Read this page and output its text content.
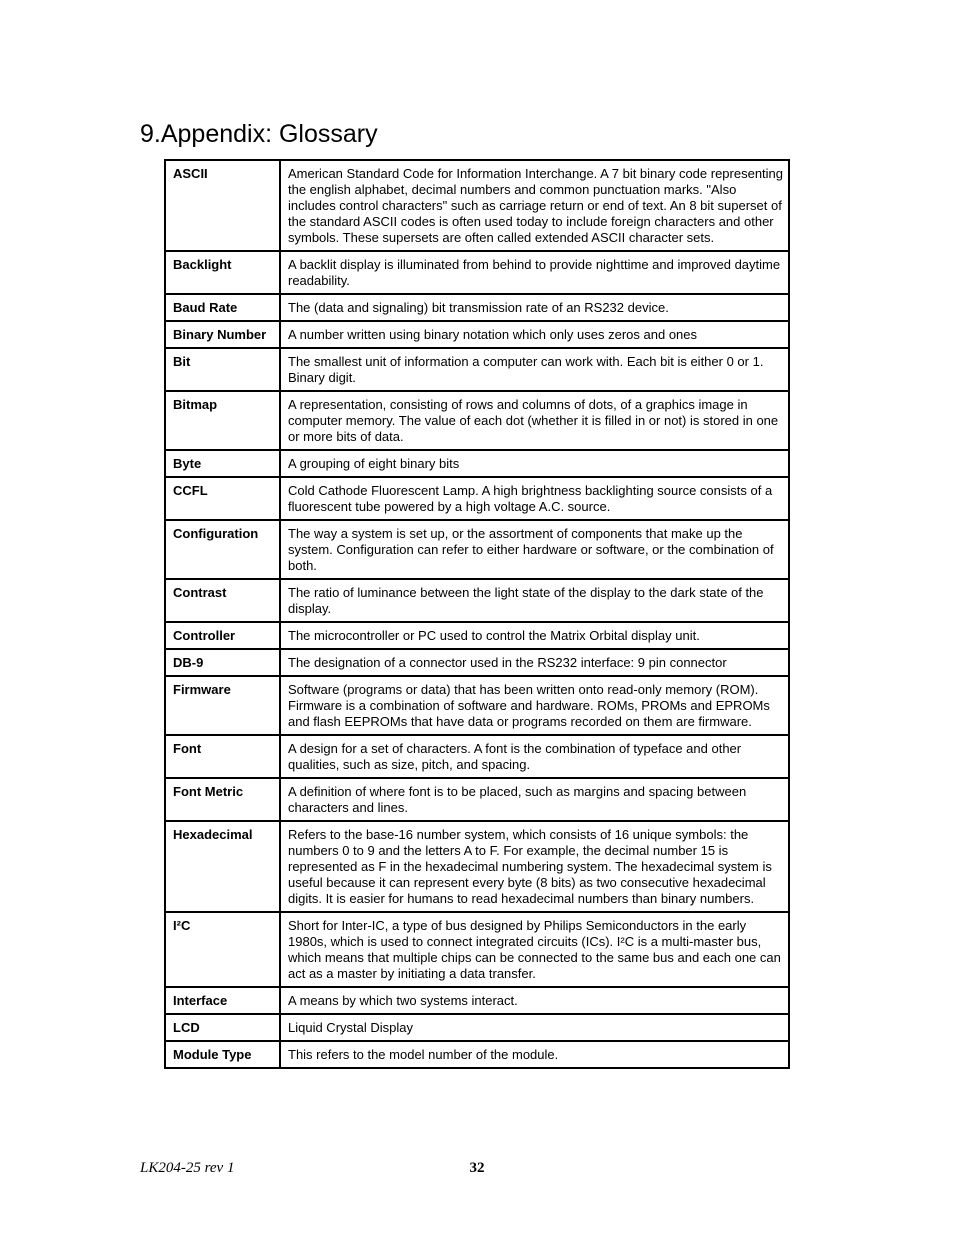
9.Appendix: Glossary
ASCII	American Standard Code for Information Interchange. A 7 bit binary code representing the english alphabet, decimal numbers and common punctuation marks. "Also includes control characters" such as carriage return or end of text. An 8 bit superset of the standard ASCII codes is often used today to include foreign characters and other symbols. These supersets are often called extended ASCII character sets.
Backlight	A backlit display is illuminated from behind to provide nighttime and improved daytime readability.
Baud Rate	The (data and signaling) bit transmission rate of an RS232 device.
Binary Number	A number written using binary notation which only uses zeros and ones
Bit	The smallest unit of information a computer can work with. Each bit is either 0 or 1. Binary digit.
Bitmap	A representation, consisting of rows and columns of dots, of a graphics image in computer memory. The value of each dot (whether it is filled in or not) is stored in one or more bits of data.
Byte	A grouping of eight binary bits
CCFL	Cold Cathode Fluorescent Lamp. A high brightness backlighting source consists of a fluorescent tube powered by a high voltage A.C. source.
Configuration	The way a system is set up, or the assortment of components that make up the system. Configuration can refer to either hardware or software, or the combination of both.
Contrast	The ratio of luminance between the light state of the display to the dark state of the display.
Controller	The microcontroller or PC used to control the Matrix Orbital display unit.
DB-9	The designation of a connector used in the RS232 interface: 9 pin connector
Firmware	Software (programs or data) that has been written onto read-only memory (ROM). Firmware is a combination of software and hardware. ROMs, PROMs and EPROMs and flash EEPROMs that have data or programs recorded on them are firmware.
Font	A design for a set of characters. A font is the combination of typeface and other qualities, such as size, pitch, and spacing.
Font Metric	A definition of where font is to be placed, such as margins and spacing between characters and lines.
Hexadecimal	Refers to the base-16 number system, which consists of 16 unique symbols: the numbers 0 to 9 and the letters A to F. For example, the decimal number 15 is represented as F in the hexadecimal numbering system. The hexadecimal system is useful because it can represent every byte (8 bits) as two consecutive hexadecimal digits. It is easier for humans to read hexadecimal numbers than binary numbers.
I²C	Short for Inter-IC, a type of bus designed by Philips Semiconductors in the early 1980s, which is used to connect integrated circuits (ICs). I²C is a multi-master bus, which means that multiple chips can be connected to the same bus and each one can act as a master by initiating a data transfer.
Interface	A means by which two systems interact.
LCD	Liquid Crystal Display
Module Type	This refers to the model number of the module.
LK204-25 rev 1	32
